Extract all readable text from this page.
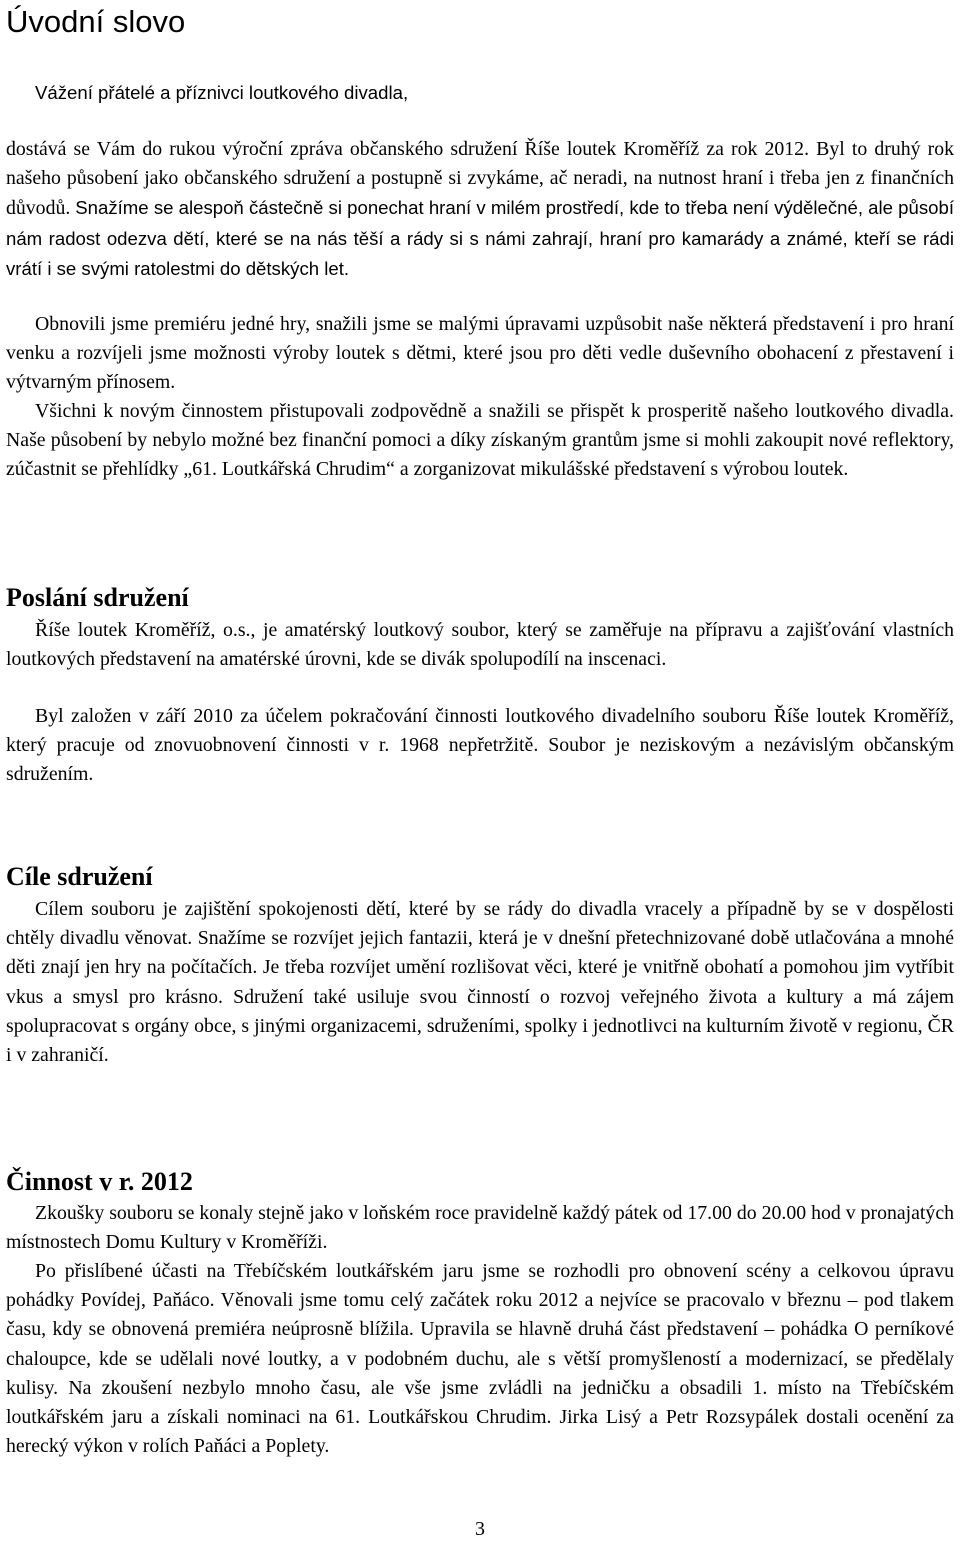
Úvodní slovo

Vážení přátelé a příznivci loutkového divadla,

dostává se Vám do rukou výroční zpráva občanského sdružení Říše loutek Kroměříž za rok 2012. Byl to druhý rok našeho působení jako občanského sdružení a postupně si zvykáme, ač neradi, na nutnost hraní i třeba jen z finančních důvodů. Snažíme se alespoň částečně si ponechat hraní v milém prostředí, kde to třeba není výdělečné, ale působí nám radost odezva dětí, které se na nás těší a rády si s námi zahrají, hraní pro kamarády a známé, kteří se rádi vrátí i se svými ratolestmi do dětských let.

Obnovili jsme premiéru jedné hry, snažili jsme se malými úpravami uzpůsobit naše některá představení i pro hraní venku a rozvíjeli jsme možnosti výroby loutek s dětmi, které jsou pro děti vedle duševního obohacení z přestavení i výtvarným přínosem.

Všichni k novým činnostem přistupovali zodpovědně a snažili se přispět k prosperitě našeho loutkového divadla. Naše působení by nebylo možné bez finanční pomoci a díky získaným grantům jsme si mohli zakoupit nové reflektory, zúčastnit se přehlídky „61. Loutkářská Chrudim“ a zorganizovat mikulášské představení s výrobou loutek.

Poslání sdružení

Říše loutek Kroměříž, o.s., je amatérský loutkový soubor, který se zaměřuje na přípravu a zajišťování vlastních loutkových představení na amatérské úrovni, kde se divák spolupodílí na inscenaci.

Byl založen v září 2010 za účelem pokračování činnosti loutkového divadelního souboru Říše loutek Kroměříž, který pracuje od znovuobnovení činnosti v r. 1968 nepřetržitě. Soubor je neziskovým a nezávislým občanským sdružením.

Cíle sdružení

Cílem souboru je zajištění spokojenosti dětí, které by se rády do divadla vracely a případně by se v dospělosti chtěly divadlu věnovat. Snažíme se rozvíjet jejich fantazii, která je v dnešní přetechnizované době utlačována a mnohé děti znají jen hry na počítačích. Je třeba rozvíjet umění rozlišovat věci, které je vnitřně obohatí a pomohou jim vytříbit vkus a smysl pro krásno. Sdružení také usiluje svou činností o rozvoj veřejného života a kultury a má zájem spolupracovat s orgány obce, s jinými organizacemi, sdruženími, spolky i jednotlivci na kulturním životě v regionu, ČR i v zahraničí.

Činnost v r. 2012

Zkoušky souboru se konaly stejně jako v loňském roce pravidelně každý pátek od 17.00 do 20.00 hod v pronajatých místnostech Domu Kultury v Kroměříži.

Po přislíbené účasti na Třebíčském loutkářském jaru jsme se rozhodli pro obnovení scény a celkovou úpravu pohádky Povídej, Paňáco. Věnovali jsme tomu celý začátek roku 2012 a nejvíce se pracovalo v březnu – pod tlakem času, kdy se obnovená premiéra neúprosně blížila. Upravila se hlavně druhá část představení – pohádka O perníkové chaloupce, kde se udělali nové loutky, a v podobném duchu, ale s větší promyšleností a modernizací, se předělaly kulisy. Na zkoušení nezbylo mnoho času, ale vše jsme zvládli na jedničku a obsadili 1. místo na Třebíčském loutkářském jaru a získali nominaci na 61. Loutkářskou Chrudim. Jirka Lisý a Petr Rozsypálek dostali ocenění za herecký výkon v rolích Paňáci a Poplety.

3
